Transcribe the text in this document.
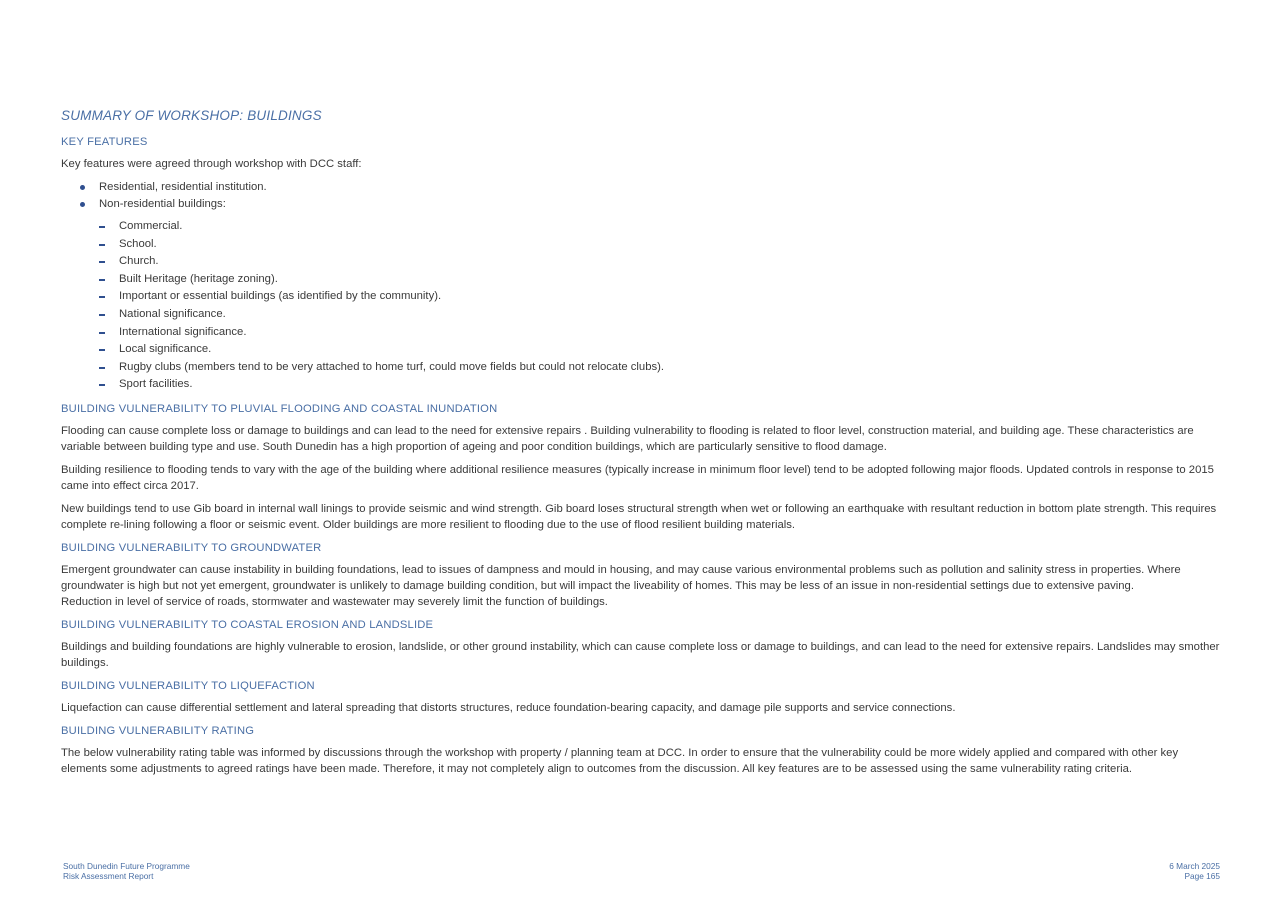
SUMMARY OF WORKSHOP: BUILDINGS
KEY FEATURES

Key features were agreed through workshop with DCC staff:

Residential, residential institution.
Non-residential buildings:
Commercial.
School.
Church.
Built Heritage (heritage zoning).
Important or essential buildings (as identified by the community).
National significance.
International significance.
Local significance.
Rugby clubs (members tend to be very attached to home turf, could move fields but could not relocate clubs).
Sport facilities.
BUILDING VULNERABILITY TO PLUVIAL FLOODING AND COASTAL INUNDATION

Flooding can cause complete loss or damage to buildings and can lead to the need for extensive repairs . Building vulnerability to flooding is related to floor level, construction material, and building age. These characteristics are variable between building type and use. South Dunedin has a high proportion of ageing and poor condition buildings, which are particularly sensitive to flood damage.

Building resilience to flooding tends to vary with the age of the building where additional resilience measures (typically increase in minimum floor level) tend to be adopted following major floods. Updated controls in response to 2015 came into effect circa 2017.

New buildings tend to use Gib board in internal wall linings to provide seismic and wind strength. Gib board loses structural strength when wet or following an earthquake with resultant reduction in bottom plate strength. This requires complete re-lining following a floor or seismic event. Older buildings are more resilient to flooding due to the use of flood resilient building materials.

BUILDING VULNERABILITY TO GROUNDWATER

Emergent groundwater can cause instability in building foundations, lead to issues of dampness and mould in housing, and may cause various environmental problems such as pollution and salinity stress in properties. Where groundwater is high but not yet emergent, groundwater is unlikely to damage building condition, but will impact the liveability of homes. This may be less of an issue in non-residential settings due to extensive paving.

Reduction in level of service of roads, stormwater and wastewater may severely limit the function of buildings.

BUILDING VULNERABILITY TO COASTAL EROSION AND LANDSLIDE

Buildings and building foundations are highly vulnerable to erosion, landslide, or other ground instability, which can cause complete loss or damage to buildings, and can lead to the need for extensive repairs. Landslides may smother buildings.

BUILDING VULNERABILITY TO LIQUEFACTION

Liquefaction can cause differential settlement and lateral spreading that distorts structures, reduce foundation-bearing capacity, and damage pile supports and service connections.

BUILDING VULNERABILITY RATING

The below vulnerability rating table was informed by discussions through the workshop with property / planning team at DCC. In order to ensure that the vulnerability could be more widely applied and compared with other key elements some adjustments to agreed ratings have been made. Therefore, it may not completely align to outcomes from the discussion. All key features are to be assessed using the same vulnerability rating criteria.

South Dunedin Future Programme
Risk Assessment Report
6 March 2025
Page 165
